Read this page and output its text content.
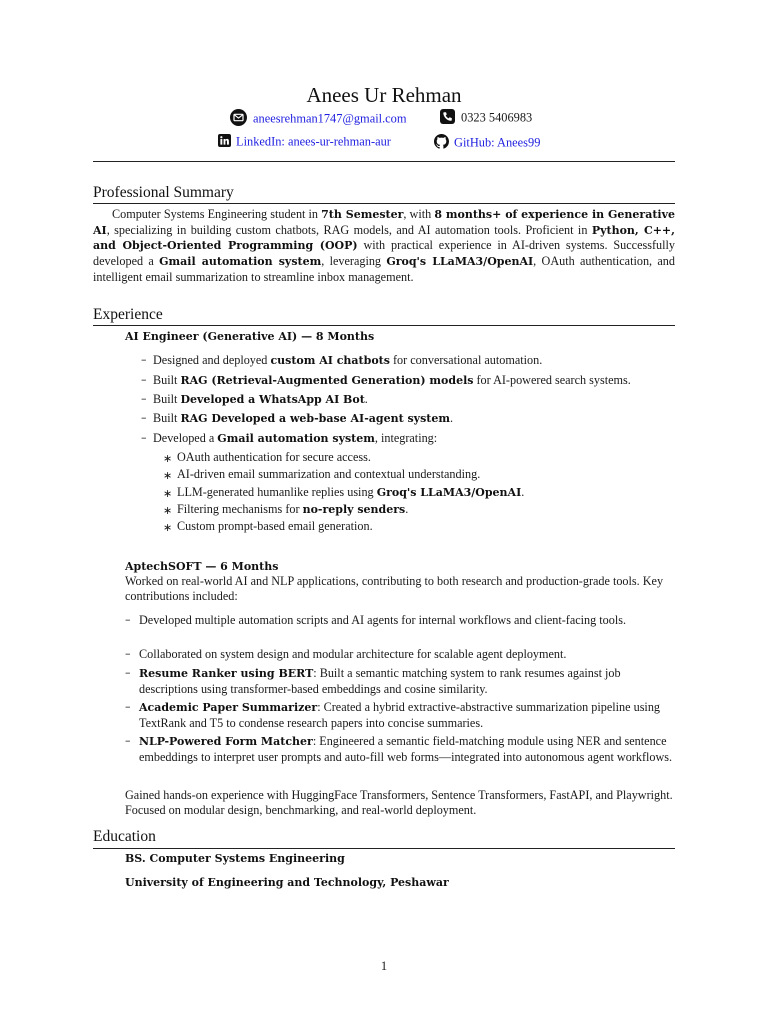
Anees Ur Rehman
aneesrehman1747@gmail.com	0323 5406983
LinkedIn: anees-ur-rehman-aur	GitHub: Anees99
Professional Summary
Computer Systems Engineering student in 7th Semester, with 8 months+ of experience in Generative AI, specializing in building custom chatbots, RAG models, and AI automation tools. Proficient in Python, C++, and Object-Oriented Programming (OOP) with practical experience in AI-driven systems. Successfully developed a Gmail automation system, leveraging Groq's LLaMA3/OpenAI, OAuth authentication, and intelligent email summarization to streamline inbox management.
Experience
AI Engineer (Generative AI) — 8 Months
– Designed and deployed custom AI chatbots for conversational automation.
– Built RAG (Retrieval-Augmented Generation) models for AI-powered search systems.
– Built Developed a WhatsApp AI Bot.
– Built RAG Developed a web-base AI-agent system.
– Developed a Gmail automation system, integrating:
∗ OAuth authentication for secure access.
∗ AI-driven email summarization and contextual understanding.
∗ LLM-generated humanlike replies using Groq's LLaMA3/OpenAI.
∗ Filtering mechanisms for no-reply senders.
∗ Custom prompt-based email generation.
AptechSOFT — 6 Months
Worked on real-world AI and NLP applications, contributing to both research and production-grade tools. Key contributions included:
– Developed multiple automation scripts and AI agents for internal workflows and client-facing tools.
– Collaborated on system design and modular architecture for scalable agent deployment.
– Resume Ranker using BERT: Built a semantic matching system to rank resumes against job descriptions using transformer-based embeddings and cosine similarity.
– Academic Paper Summarizer: Created a hybrid extractive-abstractive summarization pipeline using TextRank and T5 to condense research papers into concise summaries.
– NLP-Powered Form Matcher: Engineered a semantic field-matching module using NER and sentence embeddings to interpret user prompts and auto-fill web forms—integrated into autonomous agent workflows.
Gained hands-on experience with HuggingFace Transformers, Sentence Transformers, FastAPI, and Playwright. Focused on modular design, benchmarking, and real-world deployment.
Education
BS. Computer Systems Engineering
University of Engineering and Technology, Peshawar
1
